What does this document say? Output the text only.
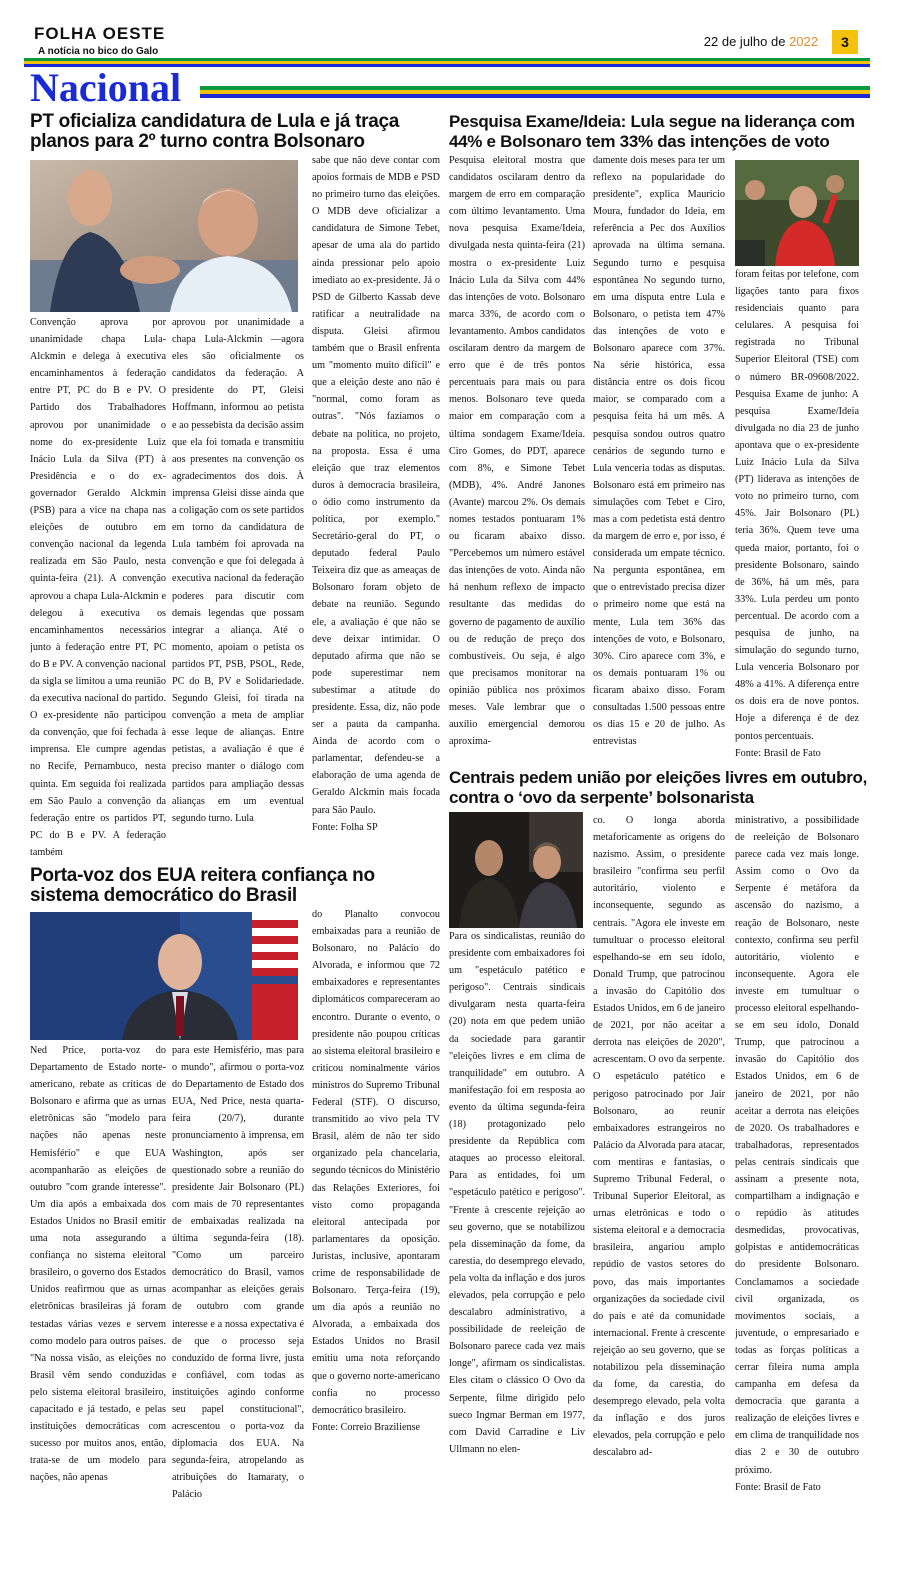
FOLHA OESTE
A notícia no bico do Galo
22 de julho de 2022	3
Nacional
PT oficializa candidatura de Lula e já traça planos para 2º turno contra Bolsonaro
Convenção aprova por unanimidade chapa Lula-Alckmin e delega à executiva encaminhamentos à federação entre PT, PC do B e PV. O Partido dos Trabalhadores aprovou por unanimidade o nome do ex-presidente Luiz Inácio Lula da Silva (PT) à Presidência e o do ex-governador Geraldo Alckmin (PSB) para a vice na chapa nas eleições de outubro em convenção nacional da legenda realizada em São Paulo, nesta quinta-feira (21). A convenção aprovou a chapa Lula-Alckmin e delegou à executiva os encaminhamentos necessários junto à federação entre PT, PC do B e PV. A convenção nacional da sigla se limitou a uma reunião da executiva nacional do partido. O ex-presidente não participou da convenção, que foi fechada à imprensa. Ele cumpre agendas no Recife, Pernambuco, nesta quinta. Em seguida foi realizada em São Paulo a convenção da federação entre os partidos PT, PC do B e PV. A federação também
aprovou por unanimidade a chapa Lula-Alckmin —agora eles são oficialmente os candidatos da federação. A presidente do PT, Gleisi Hoffmann, informou ao petista e ao pessebista da decisão assim que ela foi tomada e transmitiu aos presentes na convenção os agradecimentos dos dois. À imprensa Gleisi disse ainda que a coligação com os sete partidos em torno da candidatura de Lula também foi aprovada na convenção e que foi delegada à executiva nacional da federação poderes para discutir com demais legendas que possam integrar a aliança. Até o momento, apoiam o petista os partidos PT, PSB, PSOL, Rede, PC do B, PV e Solidariedade. Segundo Gleisi, foi tirada na convenção a meta de ampliar esse leque de alianças. Entre petistas, a avaliação é que é preciso manter o diálogo com partidos para ampliação dessas alianças em um eventual segundo turno. Lula
sabe que não deve contar com apoios formais de MDB e PSD no primeiro turno das eleições. O MDB deve oficializar a candidatura de Simone Tebet, apesar de uma ala do partido ainda pressionar pelo apoio imediato ao ex-presidente. Já o PSD de Gilberto Kassab deve ratificar a neutralidade na disputa. Gleisi afirmou também que o Brasil enfrenta um "momento muito difícil" e que a eleição deste ano não é "normal, como foram as outras". "Nós fazíamos o debate na política, no projeto, na proposta. Essa é uma eleição que traz elementos duros à democracia brasileira, o ódio como instrumento da política, por exemplo." Secretário-geral do PT, o deputado federal Paulo Teixeira diz que as ameaças de Bolsonaro foram objeto de debate na reunião. Segundo ele, a avaliação é que não se deve deixar intimidar. O deputado afirma que não se pode superestimar nem subestimar a atitude do presidente. Essa, diz, não pode ser a pauta da campanha. Ainda de acordo com o parlamentar, defendeu-se a elaboração de uma agenda de Geraldo Alckmin mais focada para São Paulo.
Fonte: Folha SP
Pesquisa Exame/Ideia: Lula segue na liderança com 44% e Bolsonaro tem 33% das intenções de voto
Pesquisa eleitoral mostra que candidatos oscilaram dentro da margem de erro em comparação com último levantamento. Uma nova pesquisa Exame/Ideia, divulgada nesta quinta-feira (21) mostra o ex-presidente Luiz Inácio Lula da Silva com 44% das intenções de voto. Bolsonaro marca 33%, de acordo com o levantamento. Ambos candidatos oscilaram dentro da margem de erro que é de três pontos percentuais para mais ou para menos. Bolsonaro teve queda maior em comparação com a última sondagem Exame/Ideia. Ciro Gomes, do PDT, aparece com 8%, e Simone Tebet (MDB), 4%. André Janones (Avante) marcou 2%. Os demais nomes testados pontuaram 1% ou ficaram abaixo disso. "Percebemos um número estável das intenções de voto. Ainda não há nenhum reflexo de impacto resultante das medidas do governo de pagamento de auxílio ou de redução de preço dos combustíveis. Ou seja, é algo que precisamos monitorar na opinião pública nos próximos meses. Vale lembrar que o auxílio emergencial demorou aproxima-
damente dois meses para ter um reflexo na popularidade do presidente", explica Maurício Moura, fundador do Ideia, em referência a Pec dos Auxílios aprovada na última semana. Segundo turno e pesquisa espontânea No segundo turno, em uma disputa entre Lula e Bolsonaro, o petista tem 47% das intenções de voto e Bolsonaro aparece com 37%. Na série histórica, essa distância entre os dois ficou maior, se comparado com a pesquisa feita há um mês. A pesquisa sondou outros quatro cenários de segundo turno e Lula venceria todas as disputas. Bolsonaro está em primeiro nas simulações com Tebet e Ciro, mas a com pedetista está dentro da margem de erro e, por isso, é considerada um empate técnico. Na pergunta espontânea, em que o entrevistado precisa dizer o primeiro nome que está na mente, Lula tem 36% das intenções de voto, e Bolsonaro, 30%. Ciro aparece com 3%, e os demais pontuaram 1% ou ficaram abaixo disso. Foram consultadas 1.500 pessoas entre os dias 15 e 20 de julho. As entrevistas
foram feitas por telefone, com ligações tanto para fixos residenciais quanto para celulares. A pesquisa foi registrada no Tribunal Superior Eleitoral (TSE) com o número BR-09608/2022. Pesquisa Exame de junho: A pesquisa Exame/Ideia divulgada no dia 23 de junho apontava que o ex-presidente Luiz Inácio Lula da Silva (PT) liderava as intenções de voto no primeiro turno, com 45%. Jair Bolsonaro (PL) teria 36%. Quem teve uma queda maior, portanto, foi o presidente Bolsonaro, saindo de 36%, há um mês, para 33%. Lula perdeu um ponto percentual. De acordo com a pesquisa de junho, na simulação do segundo turno, Lula venceria Bolsonaro por 48% a 41%. A diferença entre os dois era de nove pontos. Hoje a diferença é de dez pontos percentuais.
Fonte: Brasil de Fato
Porta-voz dos EUA reitera confiança no sistema democrático do Brasil
Ned Price, porta-voz do Departamento de Estado norte-americano, rebate as críticas de Bolsonaro e afirma que as urnas eletrônicas são "modelo para nações não apenas neste Hemisfério" e que EUA acompanharão as eleições de outubro "com grande interesse". Um dia após a embaixada dos Estados Unidos no Brasil emitir uma nota assegurando a confiança no sistema eleitoral brasileiro, o governo dos Estados Unidos reafirmou que as urnas eletrônicas brasileiras já foram testadas várias vezes e servem como modelo para outros países. "Na nossa visão, as eleições no Brasil vêm sendo conduzidas pelo sistema eleitoral brasileiro, capacitado e já testado, e pelas instituições democráticas com sucesso por muitos anos, então, trata-se de um modelo para nações, não apenas
para este Hemisfério, mas para o mundo", afirmou o porta-voz do Departamento de Estado dos EUA, Ned Price, nesta quarta-feira (20/7), durante pronunciamento à imprensa, em Washington, após ser questionado sobre a reunião do presidente Jair Bolsonaro (PL) com mais de 70 representantes de embaixadas realizada na última segunda-feira (18). "Como um parceiro democrático do Brasil, vamos acompanhar as eleições gerais de outubro com grande interesse e a nossa expectativa é de que o processo seja conduzido de forma livre, justa e confiável, com todas as instituições agindo conforme seu papel constitucional", acrescentou o porta-voz da diplomacia dos EUA. Na segunda-feira, atropelando as atribuições do Itamaraty, o Palácio
do Planalto convocou embaixadas para a reunião de Bolsonaro, no Palácio do Alvorada, e informou que 72 embaixadores e representantes diplomáticos compareceram ao encontro. Durante o evento, o presidente não poupou críticas ao sistema eleitoral brasileiro e criticou nominalmente vários ministros do Supremo Tribunal Federal (STF). O discurso, transmitido ao vivo pela TV Brasil, além de não ter sido organizado pela chancelaria, segundo técnicos do Ministério das Relações Exteriores, foi visto como propaganda eleitoral antecipada por parlamentares da oposição. Juristas, inclusive, apontaram crime de responsabilidade de Bolsonaro. Terça-feira (19), um dia após a reunião no Alvorada, a embaixada dos Estados Unidos no Brasil emitiu uma nota reforçando que o governo norte-americano confia no processo democrático brasileiro.
Fonte: Correio Braziliense
Centrais pedem união por eleições livres em outubro, contra o ‘ovo da serpente’ bolsonarista
Para os sindicalistas, reunião do presidente com embaixadores foi um "espetáculo patético e perigoso". Centrais sindicais divulgaram nesta quarta-feira (20) nota em que pedem união da sociedade para garantir "eleições livres e em clima de tranquilidade" em outubro. A manifestação foi em resposta ao evento da última segunda-feira (18) protagonizado pelo presidente da República com ataques ao processo eleitoral. Para as entidades, foi um "espetáculo patético e perigoso". "Frente à crescente rejeição ao seu governo, que se notabilizou pela disseminação da fome, da carestia, do desemprego elevado, pela volta da inflação e dos juros elevados, pela corrupção e pelo descalabro administrativo, a possibilidade de reeleição de Bolsonaro parece cada vez mais longe", afirmam os sindicalistas. Eles citam o clássico O Ovo da Serpente, filme dirigido pelo sueco Ingmar Berman em 1977, com David Carradine e Liv Ullmann no elen-
co. O longa aborda metaforicamente as origens do nazismo. Assim, o presidente brasileiro "confirma seu perfil autoritário, violento e inconsequente, segundo as centrais. "Agora ele investe em tumultuar o processo eleitoral espelhando-se em seu ídolo, Donald Trump, que patrocinou a invasão do Capitólio dos Estados Unidos, em 6 de janeiro de 2021, por não aceitar a derrota nas eleições de 2020", acrescentam. O ovo da serpente. O espetáculo patético e perigoso patrocinado por Jair Bolsonaro, ao reunir embaixadores estrangeiros no Palácio da Alvorada para atacar, com mentiras e fantasias, o Supremo Tribunal Federal, o Tribunal Superior Eleitoral, as urnas eletrônicas e todo o sistema eleitoral e a democracia brasileira, angariou amplo repúdio de vastos setores do povo, das mais importantes organizações da sociedade civil do país e até da comunidade internacional. Frente à crescente rejeição ao seu governo, que se notabilizou pela disseminação da fome, da carestia, do desemprego elevado, pela volta da inflação e dos juros elevados, pela corrupção e pelo descalabro ad-
ministrativo, a possibilidade de reeleição de Bolsonaro parece cada vez mais longe. Assim como o Ovo da Serpente é metáfora da ascensão do nazismo, a reação de Bolsonaro, neste contexto, confirma seu perfil autoritário, violento e inconsequente. Agora ele investe em tumultuar o processo eleitoral espelhando-se em seu ídolo, Donald Trump, que patrocinou a invasão do Capitólio dos Estados Unidos, em 6 de janeiro de 2021, por não aceitar a derrota nas eleições de 2020. Os trabalhadores e trabalhadoras, representados pelas centrais sindicais que assinam a presente nota, compartilham a indignação e o repúdio às atitudes desmedidas, provocativas, golpistas e antidemocráticas do presidente Bolsonaro. Conclamamos a sociedade civil organizada, os movimentos sociais, a juventude, o empresariado e todas as forças políticas a cerrar fileira numa ampla campanha em defesa da democracia que garanta a realização de eleições livres e em clima de tranquilidade nos dias 2 e 30 de outubro próximo.
Fonte: Brasil de Fato
